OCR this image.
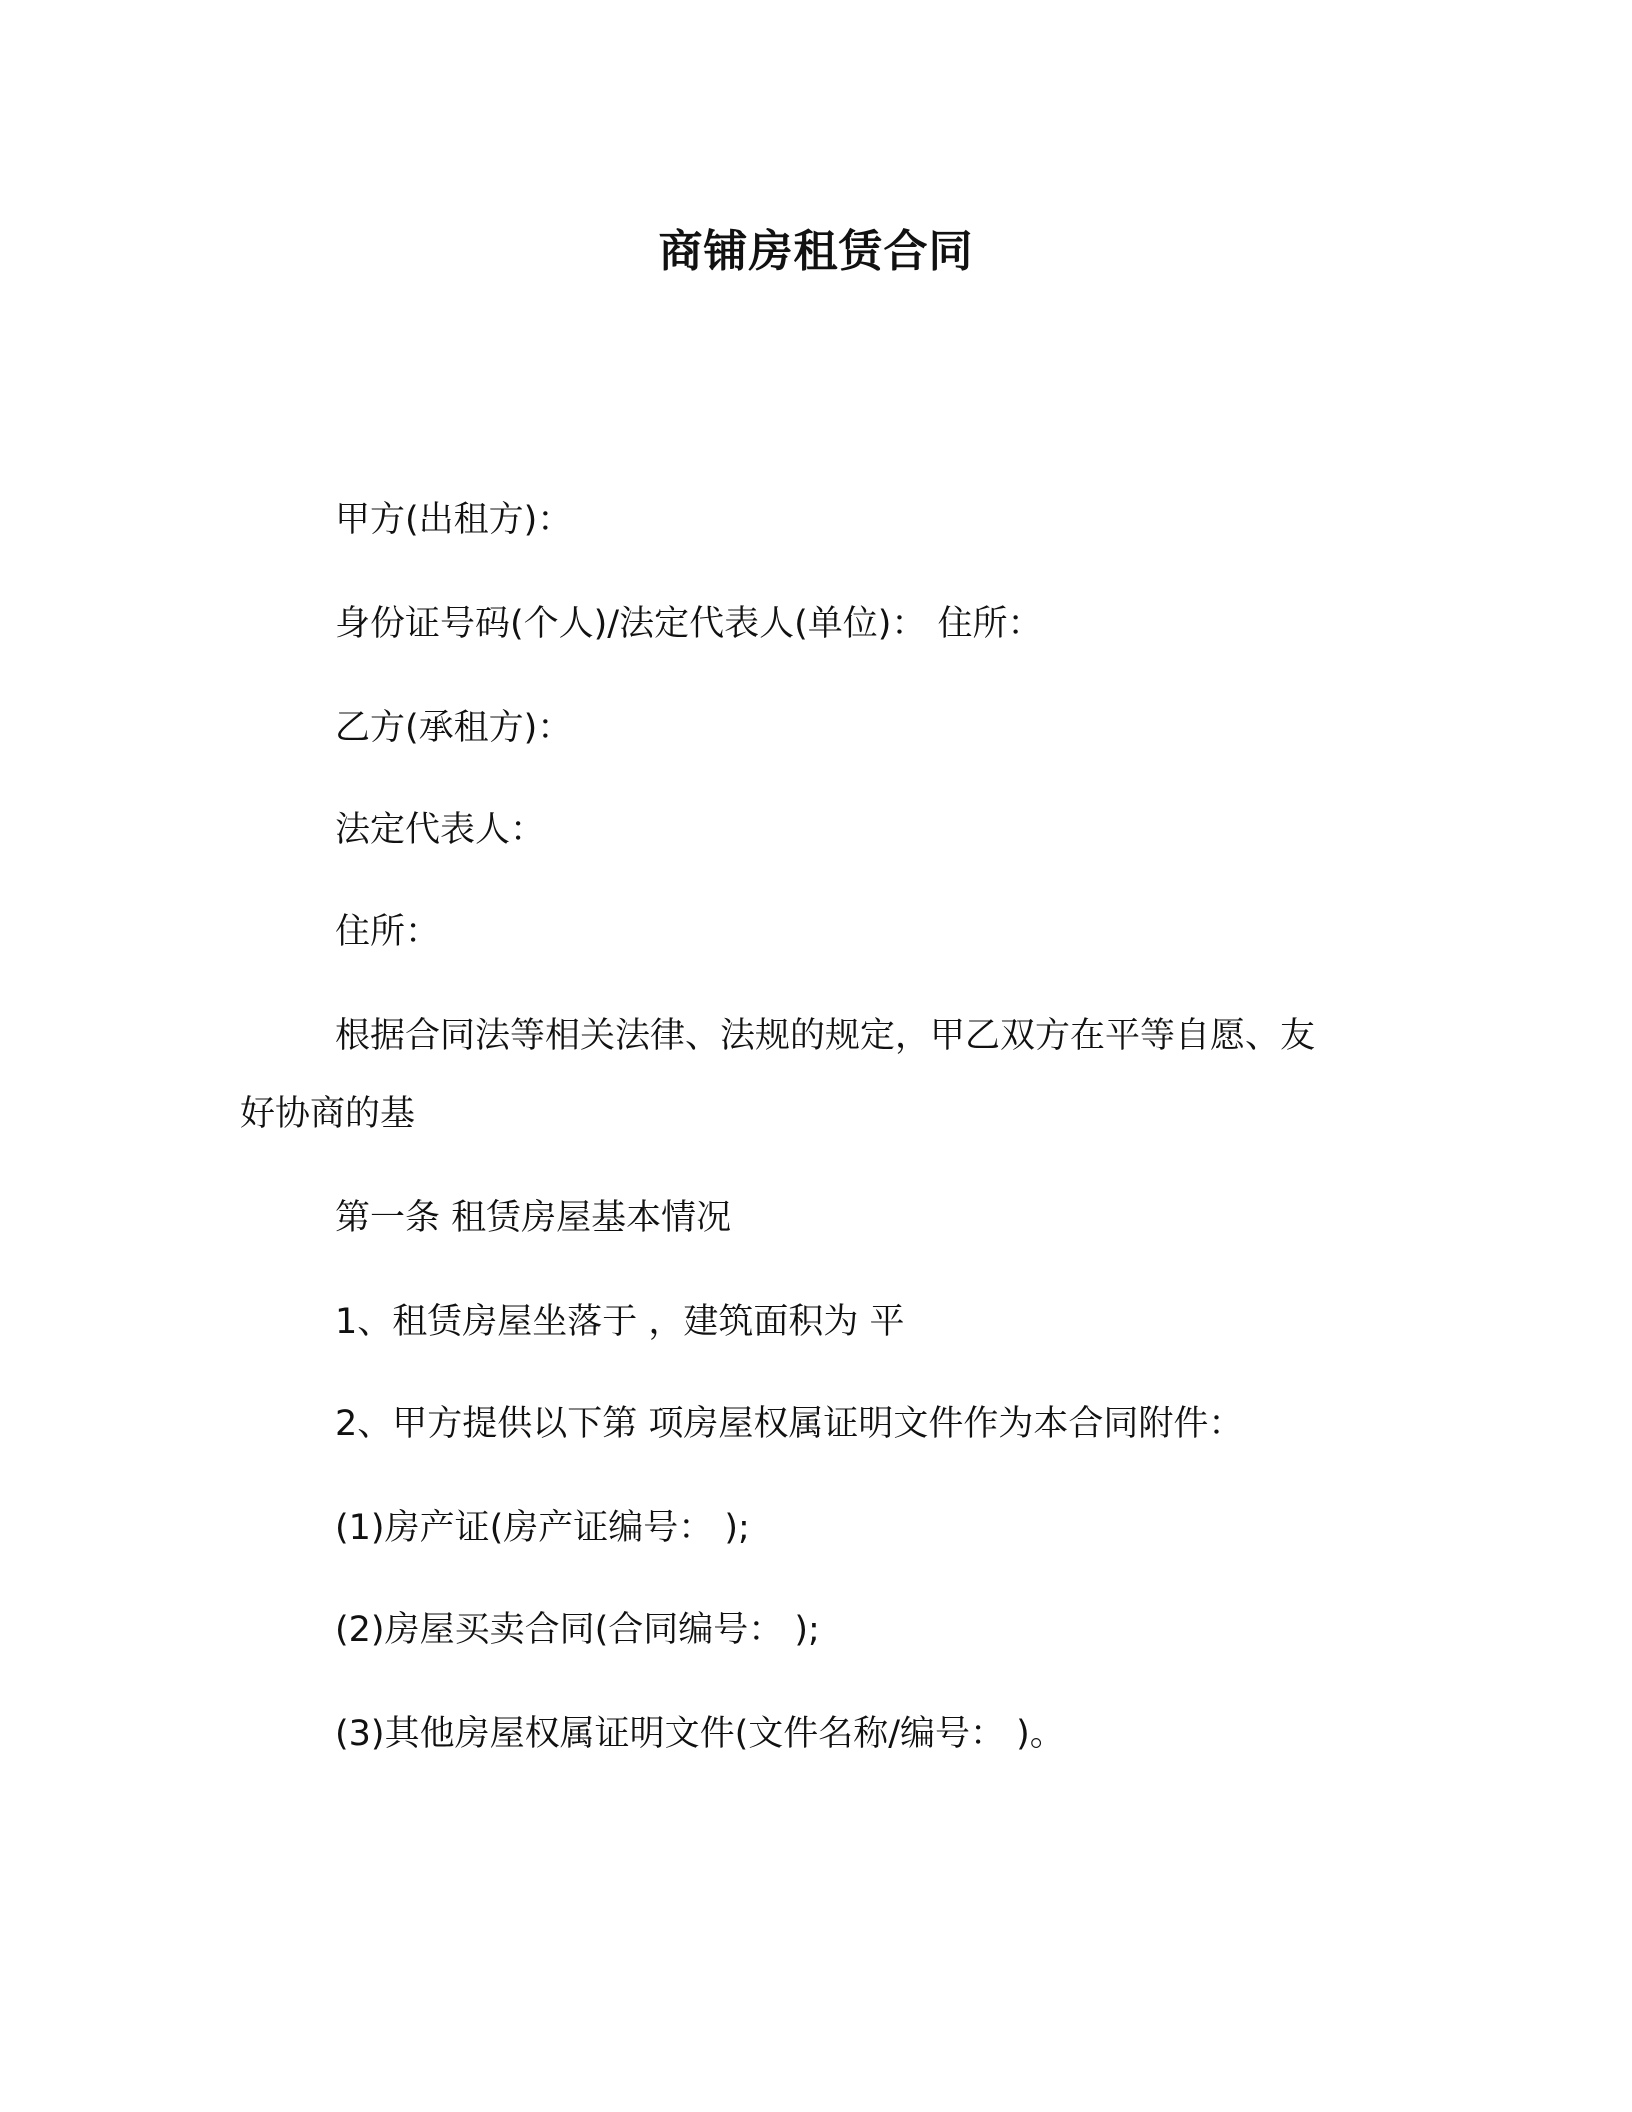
商铺房租赁合同
甲方(出租方)：
身份证号码(个人)/法定代表人(单位)： 住所：
乙方(承租方)：
法定代表人：
住所：
根据合同法等相关法律、法规的规定，甲乙双方在平等自愿、友
好协商的基
第一条 租赁房屋基本情况
1、租赁房屋坐落于 ，建筑面积为 平
2、甲方提供以下第 项房屋权属证明文件作为本合同附件：
(1)房产证(房产证编号： );
(2)房屋买卖合同(合同编号： );
(3)其他房屋权属证明文件(文件名称/编号： )。
